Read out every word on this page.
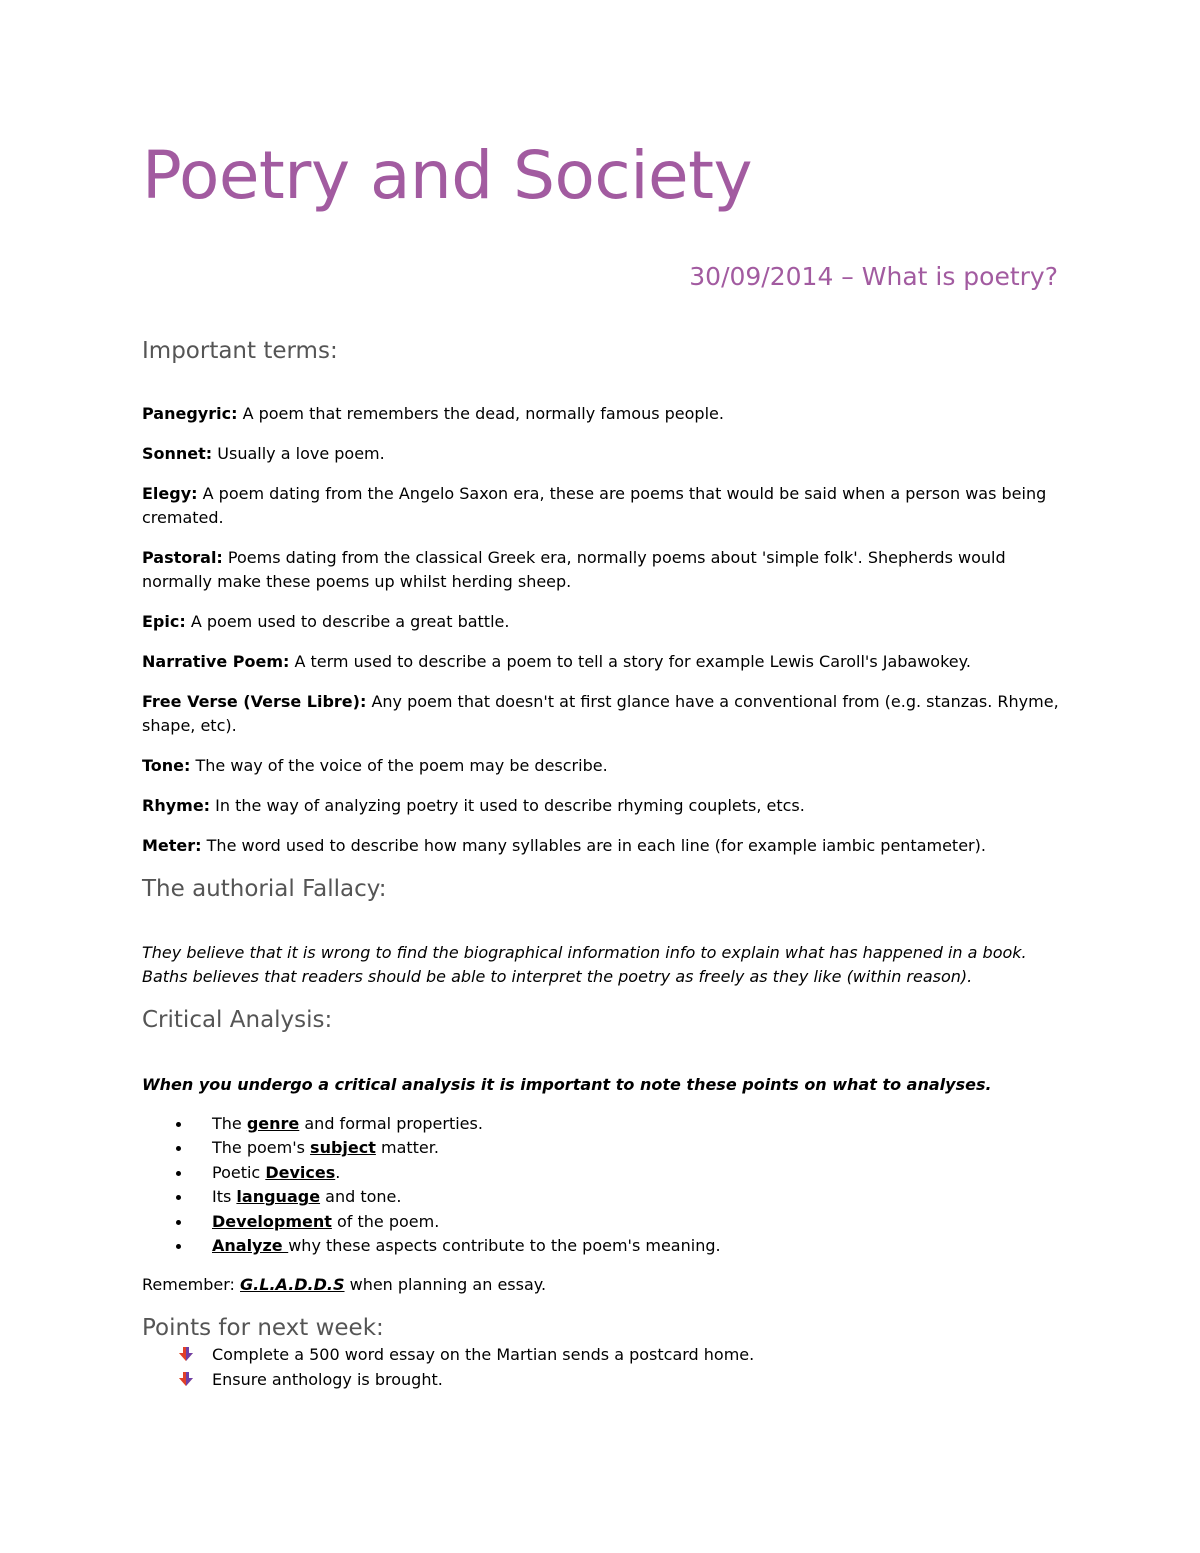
Poetry and Society
30/09/2014 – What is poetry?
Important terms:
Panegyric: A poem that remembers the dead, normally famous people.
Sonnet: Usually a love poem.
Elegy: A poem dating from the Angelo Saxon era, these are poems that would be said when a person was being cremated.
Pastoral: Poems dating from the classical Greek era, normally poems about 'simple folk'. Shepherds would normally make these poems up whilst herding sheep.
Epic: A poem used to describe a great battle.
Narrative Poem: A term used to describe a poem to tell a story for example Lewis Caroll's Jabawokey.
Free Verse (Verse Libre): Any poem that doesn't at first glance have a conventional from (e.g. stanzas. Rhyme, shape, etc).
Tone: The way of the voice of the poem may be describe.
Rhyme: In the way of analyzing poetry it used to describe rhyming couplets, etcs.
Meter: The word used to describe how many syllables are in each line (for example iambic pentameter).
The authorial Fallacy:
They believe that it is wrong to find the biographical information info to explain what has happened in a book. Baths believes that readers should be able to interpret the poetry as freely as they like (within reason).
Critical Analysis:
When you undergo a critical analysis it is important to note these points on what to analyses.
The genre and formal properties.
The poem's subject matter.
Poetic Devices.
Its language and tone.
Development of the poem.
Analyze why these aspects contribute to the poem's meaning.
Remember: G.L.A.D.D.S when planning an essay.
Points for next week:
Complete a 500 word essay on the Martian sends a postcard home.
Ensure anthology is brought.
